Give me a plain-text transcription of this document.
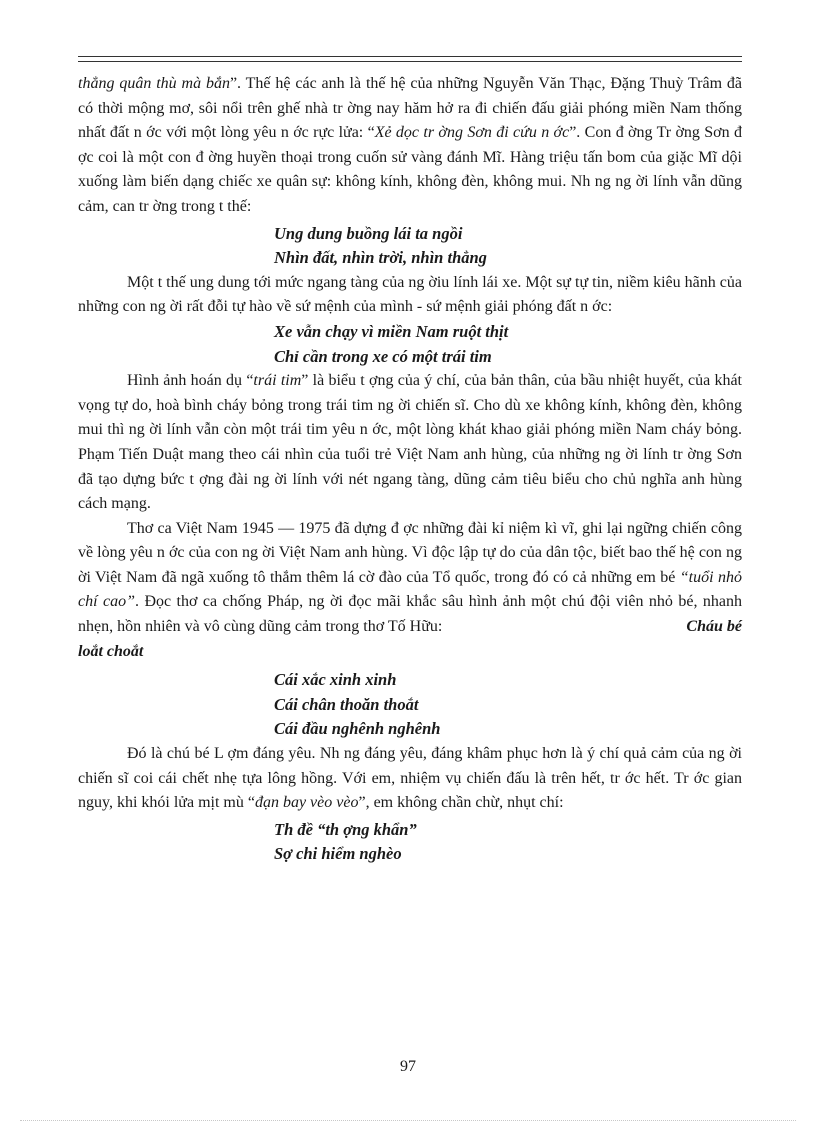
thẳng quân thù mà bắn”. Thế hệ các anh là thế hệ của những Nguyễn Văn Thạc, Đặng Thuỳ Trâm đã có thời mộng mơ, sôi nổi trên ghế nhà tr ờng nay hăm hở ra đi chiến đấu giải phóng miền Nam thống nhất đất n ớc với một lòng yêu n ớc rực lửa: “Xẻ dọc tr ờng Sơn đi cứu n ớc”. Con đ ờng Tr ờng Sơn đ ợc coi là một con đ ờng huyền thoại trong cuốn sử vàng đánh Mĩ. Hàng triệu tấn bom của giặc Mĩ dội xuống làm biến dạng chiếc xe quân sự: không kính, không đèn, không mui. Nh ng ng ời lính vẫn dũng cảm, can tr ờng trong t thế:

Ung dung buồng lái ta ngồi

Nhìn đất, nhìn trời, nhìn thẳng

Một t thế ung dung tới mức ngang tàng của ng ờiu lính lái xe. Một sự tự tin, niềm kiêu hãnh của những con ng ời rất đỗi tự hào về sứ mệnh của mình - sứ mệnh giải phóng đất n ớc:

Xe vẫn chạy vì miền Nam ruột thịt

Chỉ cần trong xe có một trái tim

Hình ảnh hoán dụ “trái tim” là biểu t ợng của ý chí, của bản thân, của bầu nhiệt huyết, của khát vọng tự do, hoà bình cháy bỏng trong trái tim ng ời chiến sĩ. Cho dù xe không kính, không đèn, không mui thì ng ời lính vẫn còn một trái tim yêu n ớc, một lòng khát khao giải phóng miền Nam cháy bỏng. Phạm Tiến Duật mang theo cái nhìn của tuổi trẻ Việt Nam anh hùng, của những ng ời lính tr ờng Sơn đã tạo dựng bức t ợng đài ng ời lính với nét ngang tàng, dũng cảm tiêu biểu cho chủ nghĩa anh hùng cách mạng.

Thơ ca Việt Nam 1945 — 1975 đã dựng đ ợc những đài kỉ niệm kì vĩ, ghi lại ngững chiến công về lòng yêu n ớc của con ng ời Việt Nam anh hùng. Vì độc lập tự do của dân tộc, biết bao thế hệ con ng ời Việt Nam đã ngã xuống tô thắm thêm lá cờ đào của Tổ quốc, trong đó có cả những em bé “tuổi nhỏ chí cao”. Đọc thơ ca chống Pháp, ng ời đọc mãi khắc sâu hình ảnh một chú đội viên nhỏ bé, nhanh nhẹn, hồn nhiên và vô cùng dũng cảm trong thơ Tố Hữu:	Cháu bé

loắt choắt

Cái xắc xinh xinh

Cái chân thoăn thoắt

Cái đầu nghênh nghênh

Đó là chú bé L ợm đáng yêu. Nh ng đáng yêu, đáng khâm phục hơn là ý chí quả cảm của ng ời chiến sĩ coi cái chết nhẹ tựa lông hồng. Với em, nhiệm vụ chiến đấu là trên hết, tr ớc hết. Tr ớc gian nguy, khi khói lửa mịt mù “đạn bay vèo vèo”, em không chần chừ, nhụt chí:

Th đề “th ợng khẩn”

Sợ chi hiểm nghèo

97
